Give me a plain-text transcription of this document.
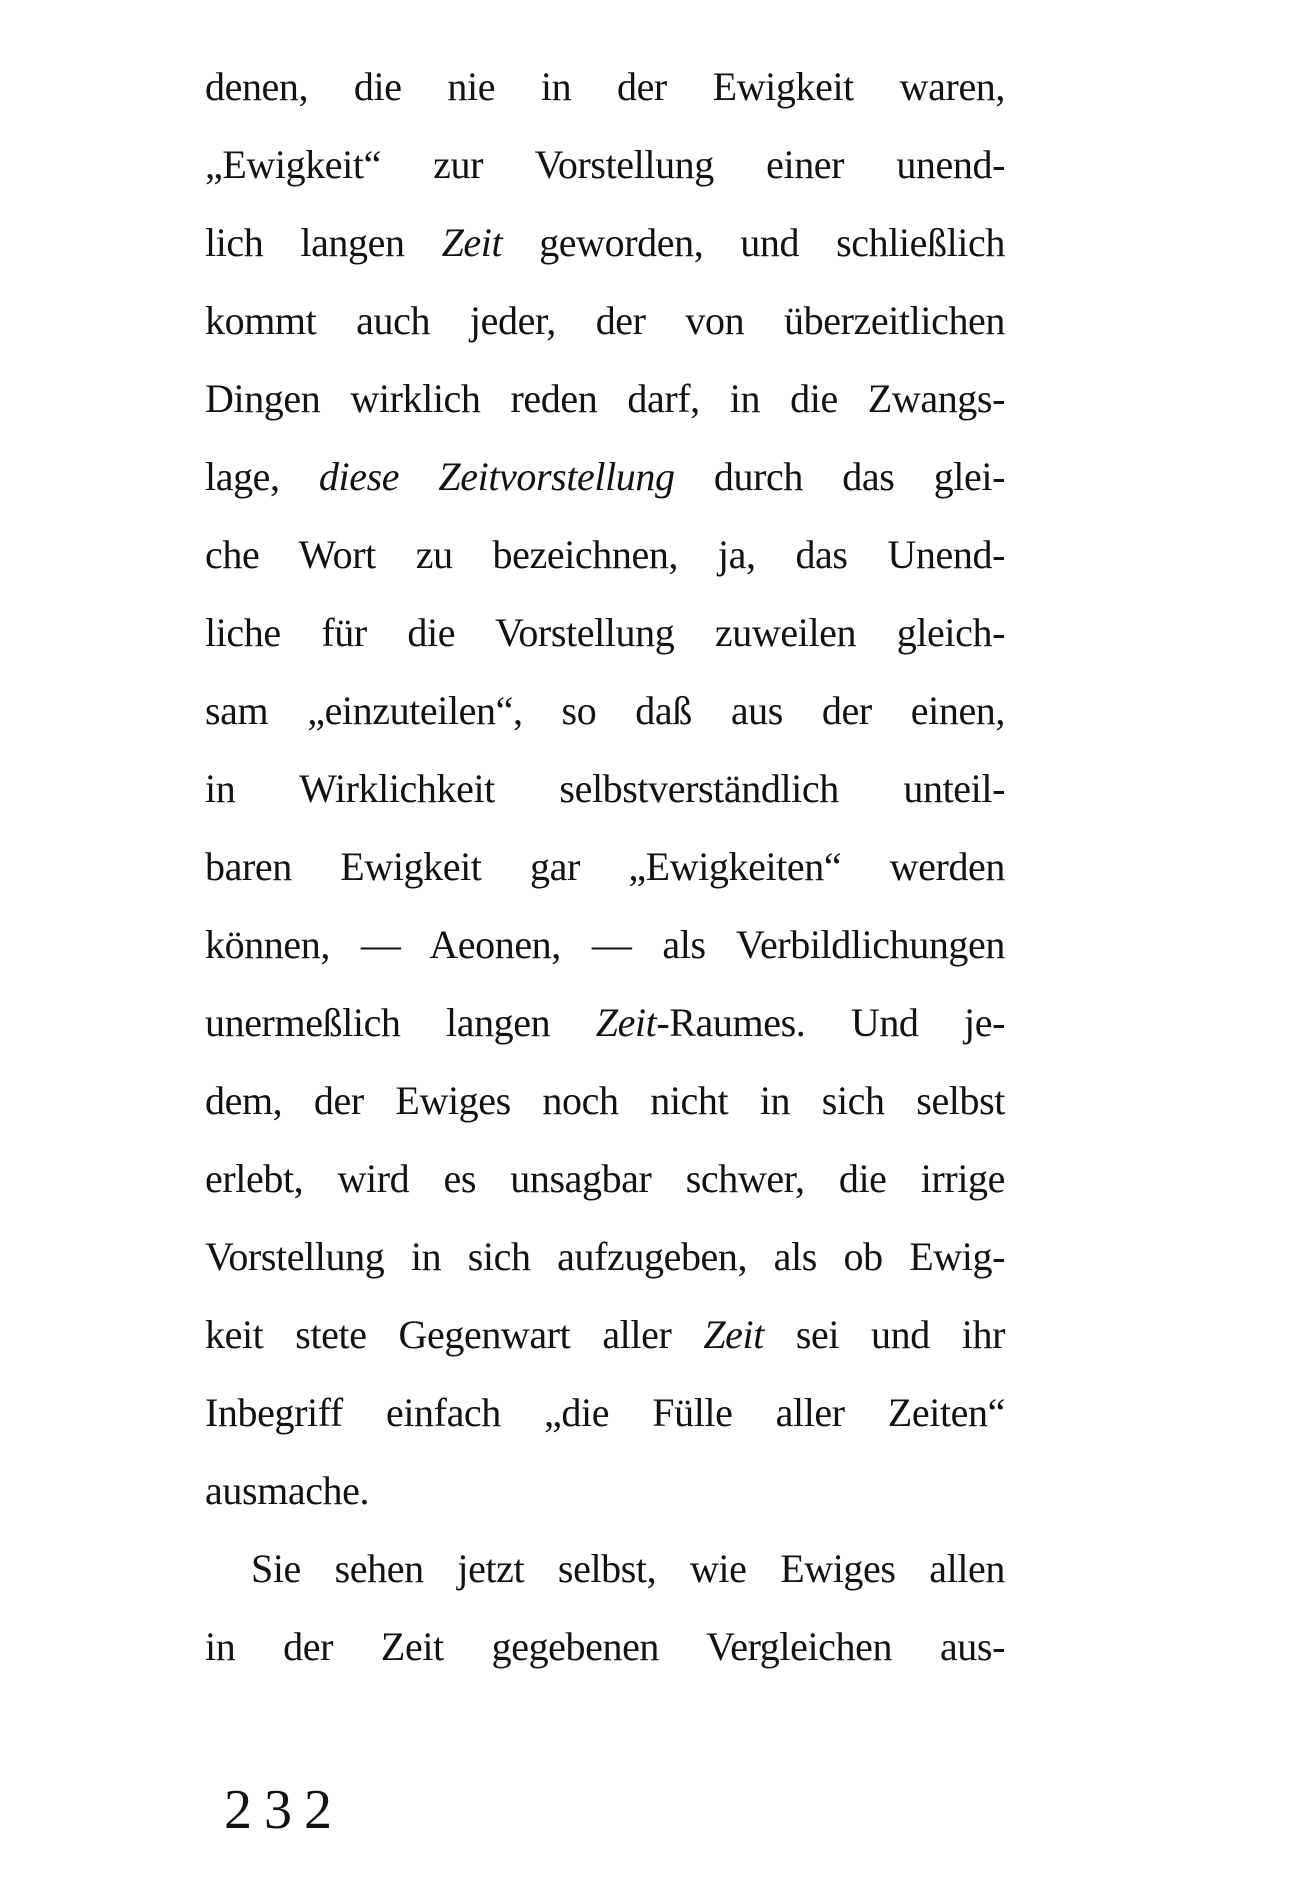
denen, die nie in der Ewigkeit waren,
„Ewigkeit“ zur Vorstellung einer unend-
lich langen Zeit geworden, und schließlich
kommt auch jeder, der von überzeitlichen
Dingen wirklich reden darf, in die Zwangs-
lage, diese Zeitvorstellung durch das glei-
che Wort zu bezeichnen, ja, das Unend-
liche für die Vorstellung zuweilen gleich-
sam „einzuteilen“, so daß aus der einen,
in Wirklichkeit selbstverständlich unteil-
baren Ewigkeit gar „Ewigkeiten“ werden
können, — Aeonen, — als Verbildlichungen
unermeßlich langen Zeit-Raumes. Und je-
dem, der Ewiges noch nicht in sich selbst
erlebt, wird es unsagbar schwer, die irrige
Vorstellung in sich aufzugeben, als ob Ewig-
keit stete Gegenwart aller Zeit sei und ihr
Inbegriff einfach „die Fülle aller Zeiten“
ausmache.
Sie sehen jetzt selbst, wie Ewiges allen
in der Zeit gegebenen Vergleichen aus-
232
